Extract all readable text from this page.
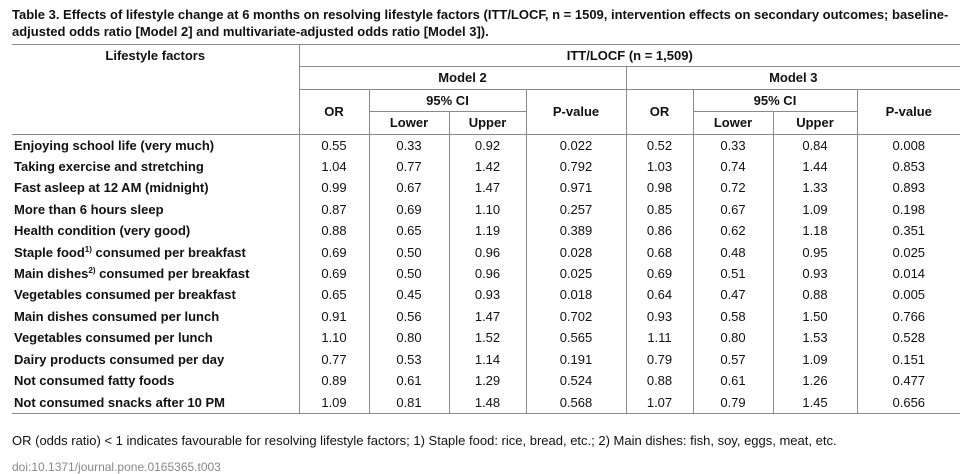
Table 3. Effects of lifestyle change at 6 months on resolving lifestyle factors (ITT/LOCF, n = 1509, intervention effects on secondary outcomes; baseline-adjusted odds ratio [Model 2] and multivariate-adjusted odds ratio [Model 3]).
Lifestyle factors	ITT/LOCF (n = 1,509)							
	Model 2				Model 3			
	OR	95% CI		P-value	OR	95% CI		P-value
		Lower	Upper			Lower	Upper	
Enjoying school life (very much)	0.55	0.33	0.92	0.022	0.52	0.33	0.84	0.008
Taking exercise and stretching	1.04	0.77	1.42	0.792	1.03	0.74	1.44	0.853
Fast asleep at 12 AM (midnight)	0.99	0.67	1.47	0.971	0.98	0.72	1.33	0.893
More than 6 hours sleep	0.87	0.69	1.10	0.257	0.85	0.67	1.09	0.198
Health condition (very good)	0.88	0.65	1.19	0.389	0.86	0.62	1.18	0.351
Staple food$^{1)}$ consumed per breakfast	0.69	0.50	0.96	0.028	0.68	0.48	0.95	0.025
Main dishes$^{2)}$ consumed per breakfast	0.69	0.50	0.96	0.025	0.69	0.51	0.93	0.014
Vegetables consumed per breakfast	0.65	0.45	0.93	0.018	0.64	0.47	0.88	0.005
Main dishes consumed per lunch	0.91	0.56	1.47	0.702	0.93	0.58	1.50	0.766
Vegetables consumed per lunch	1.10	0.80	1.52	0.565	1.11	0.80	1.53	0.528
Dairy products consumed per day	0.77	0.53	1.14	0.191	0.79	0.57	1.09	0.151
Not consumed fatty foods	0.89	0.61	1.29	0.524	0.88	0.61	1.26	0.477
Not consumed snacks after 10 PM	1.09	0.81	1.48	0.568	1.07	0.79	1.45	0.656
OR (odds ratio) < 1 indicates favourable for resolving lifestyle factors; 1) Staple food: rice, bread, etc.; 2) Main dishes: fish, soy, eggs, meat, etc.
doi:10.1371/journal.pone.0165365.t003
